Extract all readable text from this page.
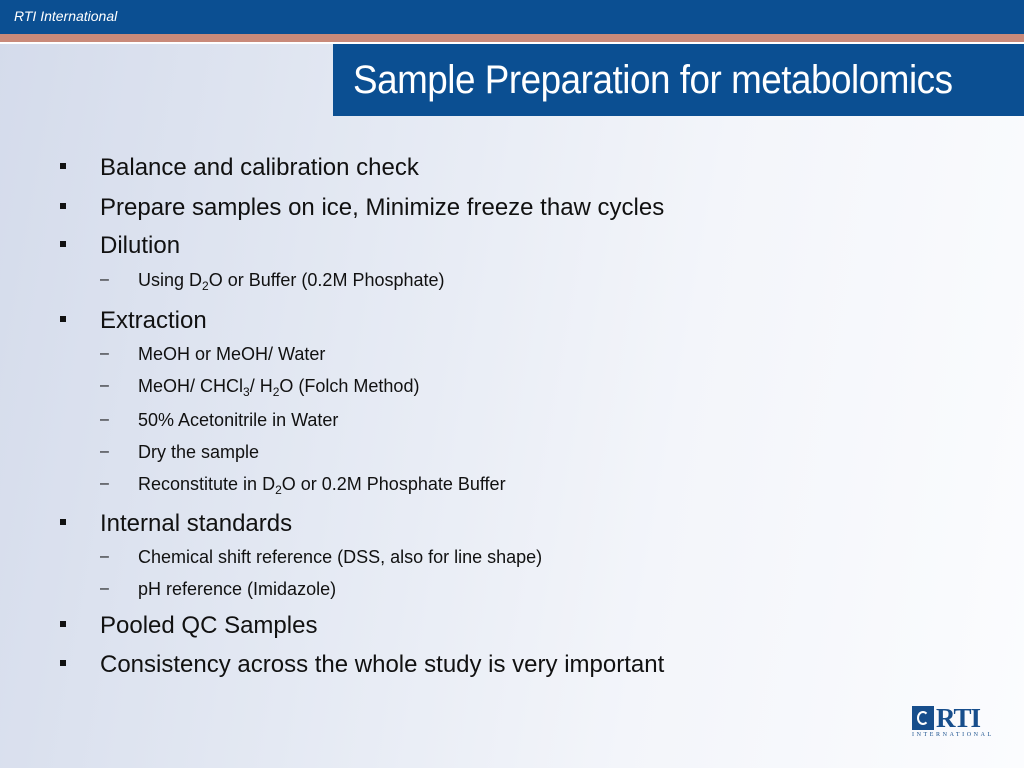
RTI International
Sample Preparation for metabolomics
Balance and calibration check
Prepare samples on ice, Minimize freeze thaw cycles
Dilution
– Using $D_2O$ or Buffer (0.2M Phosphate)
Extraction
– MeOH or MeOH/ Water
– MeOH/ CHCl$_3$/ $H_2O$ (Folch Method)
– 50% Acetonitrile in Water
– Dry the sample
– Reconstitute in $D_2O$ or 0.2M Phosphate Buffer
Internal standards
– Chemical shift reference (DSS, also for line shape)
– pH reference (Imidazole)
Pooled QC Samples
Consistency across the whole study is very important
RTI
INTERNATIONAL
